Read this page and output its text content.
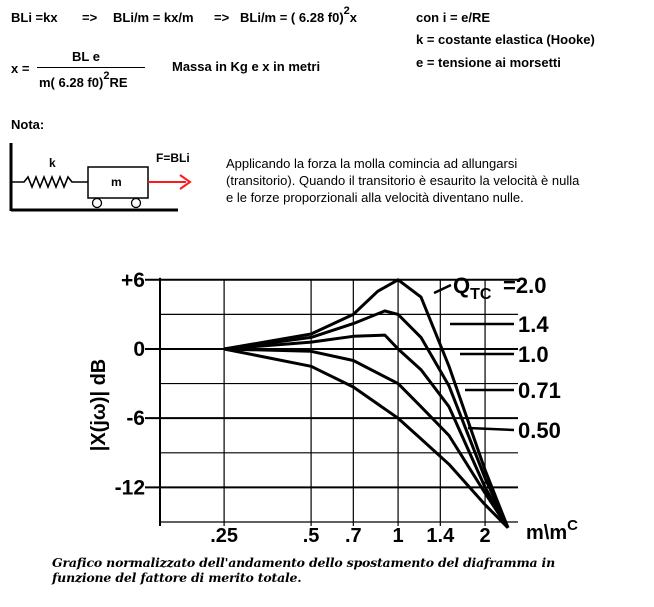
BLi =kx => BLi/m = kx/m => BLi/m = ( 6.28 f0)$^2$x	con i = e/RE
k = costante elastica (Hooke)
e = tensione ai morsetti
x =
BL e
m( 6.28 f0)$^2$RE
Massa in Kg e x in metri
Nota:
k
m
F=BLi	Applicando la forza la molla comincia ad allungarsi
(transitorio). Quando il transitorio è esaurito la velocità è nulla
e le forze proporzionali alla velocità diventano nulle.
+6
0
-6
-12
.25	.5 .7 1 1.4 2
=2.0
1.4
1.0
0.71
0.50
$Q_{TC}$
|X(jω)| dB
$m\backslash m^C$
Grafico normalizzato dell'andamento dello spostamento del diaframma in
funzione del fattore di merito totale.
